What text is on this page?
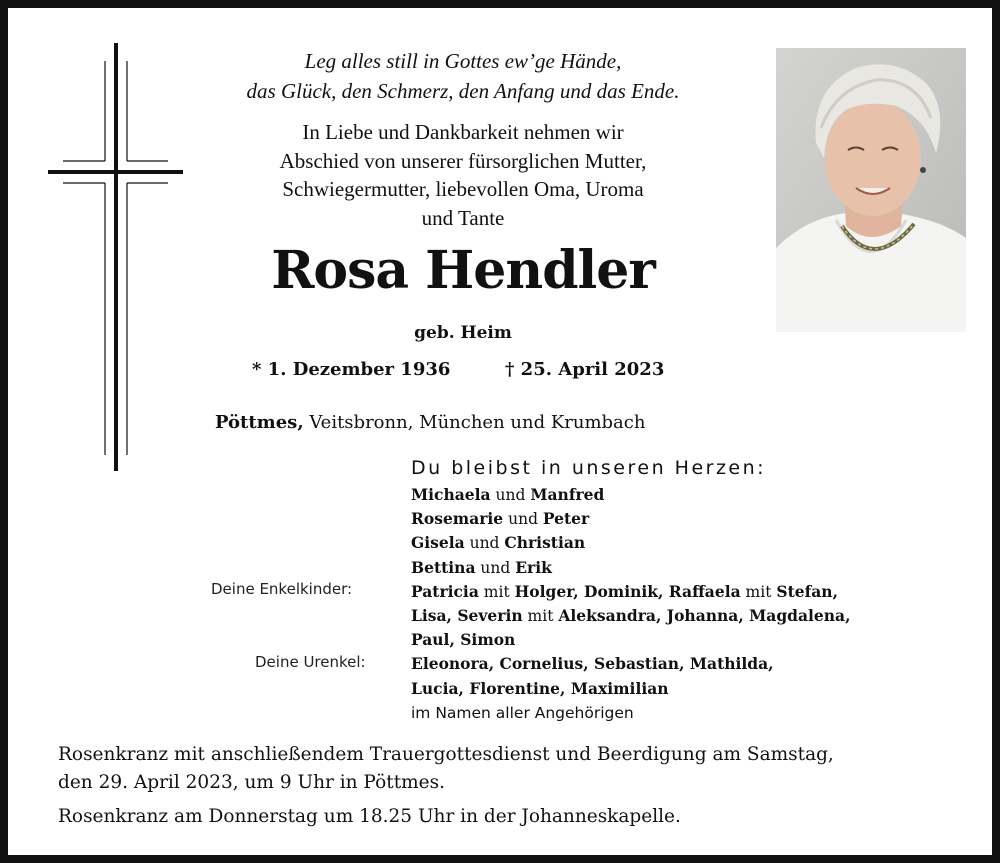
Leg alles still in Gottes ew’ge Hände,
das Glück, den Schmerz, den Anfang und das Ende.
In Liebe und Dankbarkeit nehmen wir
Abschied von unserer fürsorglichen Mutter,
Schwiegermutter, liebevollen Oma, Uroma
und Tante
Rosa Hendler
geb. Heim
* 1. Dezember 1936	† 25. April 2023
Pöttmes, Veitsbronn, München und Krumbach
Du bleibst in unseren Herzen:
Deine Enkelkinder:
Deine Urenkel:
Michaela und Manfred
Rosemarie und Peter
Gisela und Christian
Bettina und Erik
Patricia mit Holger, Dominik, Raffaela mit Stefan,
Lisa, Severin mit Aleksandra, Johanna, Magdalena,
Paul, Simon
Eleonora, Cornelius, Sebastian, Mathilda,
Lucia, Florentine, Maximilian
im Namen aller Angehörigen

Rosenkranz mit anschließendem Trauergottesdienst und Beerdigung am Samstag,

den 29. April 2023, um 9 Uhr in Pöttmes.

Rosenkranz am Donnerstag um 18.25 Uhr in der Johanneskapelle.
